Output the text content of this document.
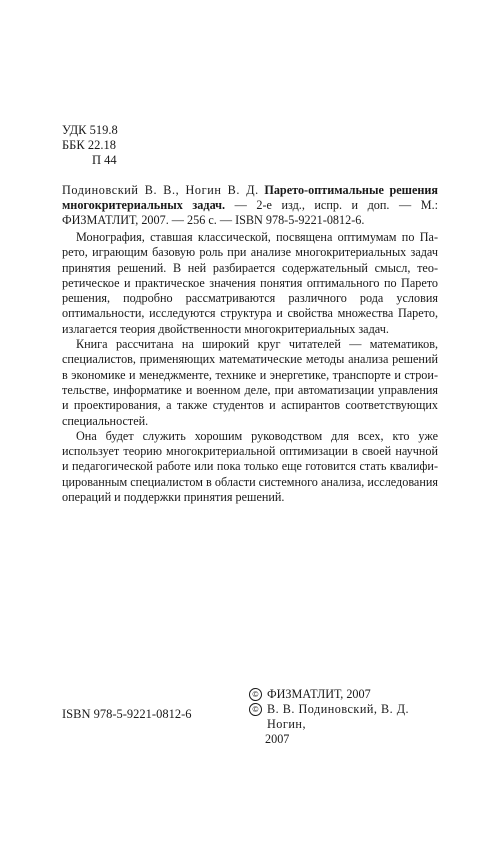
УДК 519.8
ББК 22.18
П 44
Подиновский В. В., Ногин В. Д. Парето-оптимальные решения многокритериальных задач. — 2-е изд., испр. и доп. — М.: ФИЗМАТЛИТ, 2007. — 256 с. — ISBN 978-5-9221-0812-6.

Монография, ставшая классической, посвящена оптимумам по Парето, играющим базовую роль при анализе многокритериальных задач принятия решений. В ней разбирается содержательный смысл, теоретическое и практическое значения понятия оптимального по Парето решения, подробно рассматриваются различного рода условия оптимальности, исследуются структура и свойства множества Парето, излагается теория двойственности многокритериальных задач.

Книга рассчитана на широкий круг читателей — математиков, специалистов, применяющих математические методы анализа решений в экономике и менеджменте, технике и энергетике, транспорте и строительстве, информатике и военном деле, при автоматизации управления и проектирования, а также студентов и аспирантов соответствующих специальностей.

Она будет служить хорошим руководством для всех, кто уже использует теорию многокритериальной оптимизации в своей научной и педагогической работе или пока только еще готовится стать квалифицированным специалистом в области системного анализа, исследования операций и поддержки принятия решений.

ISBN 978-5-9221-0812-6
© ФИЗМАТЛИТ, 2007
© В. В. Подиновский, В. Д. Ногин,
2007
